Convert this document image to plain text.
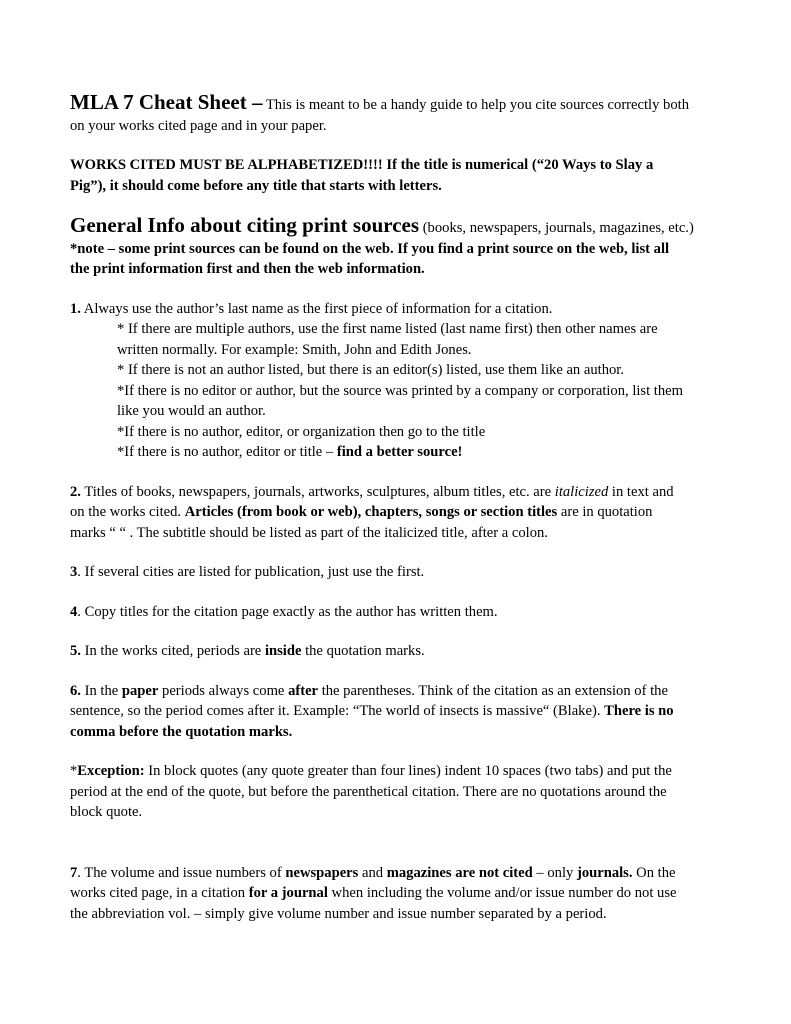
MLA 7 Cheat Sheet – This is meant to be a handy guide to help you cite sources correctly both

on your works cited page and in your paper.

WORKS CITED MUST BE ALPHABETIZED!!!! If the title is numerical (“20 Ways to Slay a

Pig”), it should come before any title that starts with letters.

General Info about citing print sources (books, newspapers, journals, magazines, etc.)

*note – some print sources can be found on the web. If you find a print source on the web, list all

the print information first and then the web information.

1. Always use the author’s last name as the first piece of information for a citation.

* If there are multiple authors, use the first name listed (last name first) then other names are

written normally. For example: Smith, John and Edith Jones.

* If there is not an author listed, but there is an editor(s) listed, use them like an author.

*If there is no editor or author, but the source was printed by a company or corporation, list them

like you would an author.

*If there is no author, editor, or organization then go to the title

*If there is no author, editor or title – find a better source!

2. Titles of books, newspapers, journals, artworks, sculptures, album titles, etc. are italicized in text and

on the works cited. Articles (from book or web), chapters, songs or section titles are in quotation

marks “ “ . The subtitle should be listed as part of the italicized title, after a colon.

3. If several cities are listed for publication, just use the first.

4. Copy titles for the citation page exactly as the author has written them.

5. In the works cited, periods are inside the quotation marks.

6. In the paper periods always come after the parentheses. Think of the citation as an extension of the

sentence, so the period comes after it. Example: “The world of insects is massive“ (Blake). There is no

comma before the quotation marks.

*Exception: In block quotes (any quote greater than four lines) indent 10 spaces (two tabs) and put the

period at the end of the quote, but before the parenthetical citation. There are no quotations around the

block quote.

7. The volume and issue numbers of newspapers and magazines are not cited – only journals. On the

works cited page, in a citation for a journal when including the volume and/or issue number do not use

the abbreviation vol. – simply give volume number and issue number separated by a period.
